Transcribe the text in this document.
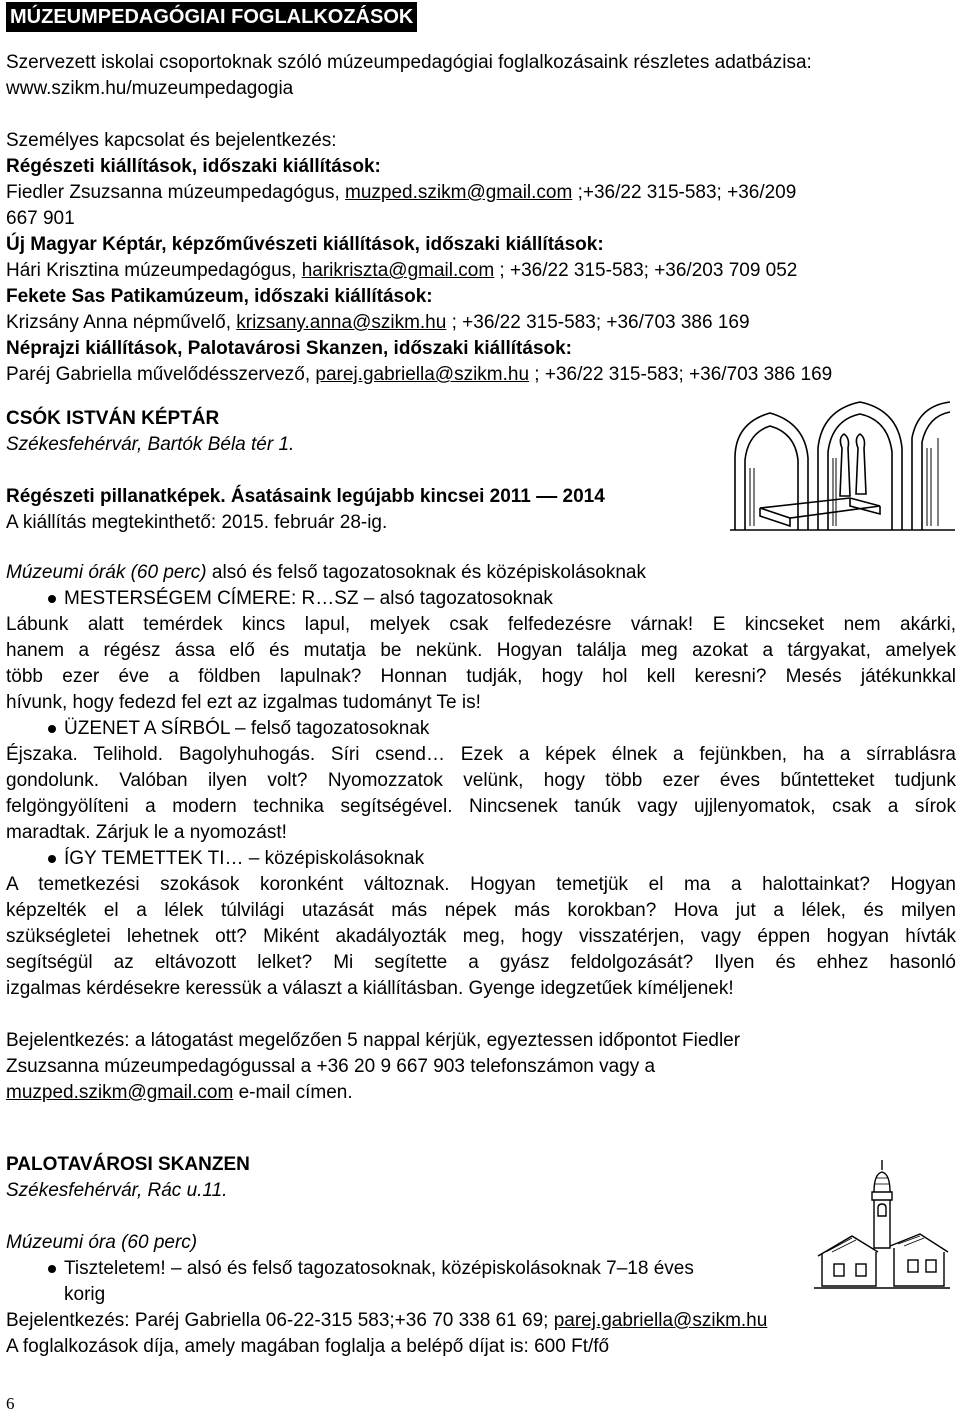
MÚZEUMPEDAGÓGIAI FOGLALKOZÁSOK
Szervezett iskolai csoportoknak szóló múzeumpedagógiai foglalkozásaink részletes adatbázisa:
www.szikm.hu/muzeumpedagogia
Személyes kapcsolat és bejelentkezés:
Régészeti kiállítások, időszaki kiállítások:
Fiedler Zsuzsanna múzeumpedagógus, muzped.szikm@gmail.com ;+36/22 315-583; +36/209
667 901
Új Magyar Képtár, képzőművészeti kiállítások, időszaki kiállítások:
Hári Krisztina múzeumpedagógus, harikriszta@gmail.com ; +36/22 315-583; +36/203 709 052
Fekete Sas Patikamúzeum, időszaki kiállítások:
Krizsány Anna népművelő, krizsany.anna@szikm.hu ; +36/22 315-583; +36/703 386 169
Néprajzi kiállítások, Palotavárosi Skanzen, időszaki kiállítások:
Paréj Gabriella művelődésszervező, parej.gabriella@szikm.hu ; +36/22 315-583; +36/703 386 169
CSÓK ISTVÁN KÉPTÁR
Székesfehérvár, Bartók Béla tér 1.
Régészeti pillanatképek. Ásatásaink legújabb kincsei 2011      2014
A kiállítás megtekinthető: 2015. február 28-ig.
Múzeumi órák (60 perc) alsó és felső tagozatosoknak és középiskolásoknak
MESTERSÉGEM CÍMERE: R…SZ – alsó tagozatosoknak
Lábunk alatt temérdek kincs lapul, melyek csak felfedezésre várnak! E kincseket nem akárki,
hanem a régész ássa elő és mutatja be nekünk. Hogyan találja meg azokat a tárgyakat, amelyek
több ezer éve a földben lapulnak? Honnan tudják, hogy hol kell keresni? Mesés játékunkkal
hívunk, hogy fedezd fel ezt az izgalmas tudományt Te is!
ÜZENET A SÍRBÓL – felső tagozatosoknak
Éjszaka. Telihold. Bagolyhuhogás. Síri csend… Ezek a képek élnek a fejünkben, ha a sírrablásra
gondolunk. Valóban ilyen volt? Nyomozzatok velünk, hogy több ezer éves bűntetteket tudjunk
felgöngyölíteni a modern technika segítségével. Nincsenek tanúk vagy ujjlenyomatok, csak a sírok
maradtak. Zárjuk le a nyomozást!
ÍGY TEMETTEK TI… – középiskolásoknak
A temetkezési szokások koronként változnak. Hogyan temetjük el ma a halottainkat? Hogyan
képzelték el a lélek túlvilági utazását más népek más korokban? Hova jut a lélek, és milyen
szükségletei lehetnek ott? Miként akadályozták meg, hogy visszatérjen, vagy éppen hogyan hívták
segítségül az eltávozott lelket? Mi segítette a gyász feldolgozását? Ilyen és ehhez hasonló
izgalmas kérdésekre keressük a választ a kiállításban. Gyenge idegzetűek kíméljenek!
Bejelentkezés: a látogatást megelőzően 5 nappal kérjük, egyeztessen időpontot Fiedler
Zsuzsanna múzeumpedagógussal a +36 20 9 667 903 telefonszámon vagy a
muzped.szikm@gmail.com e-mail címen.
PALOTAVÁROSI SKANZEN
Székesfehérvár, Rác u.11.
Múzeumi óra (60 perc)
Tiszteletem! – alsó és felső tagozatosoknak, középiskolásoknak 7–18 éves
korig
Bejelentkezés: Paréj Gabriella 06-22-315 583;+36 70 338 61 69; parej.gabriella@szikm.hu
A foglalkozások díja, amely magában foglalja a belépő díjat is: 600 Ft/fő
6
